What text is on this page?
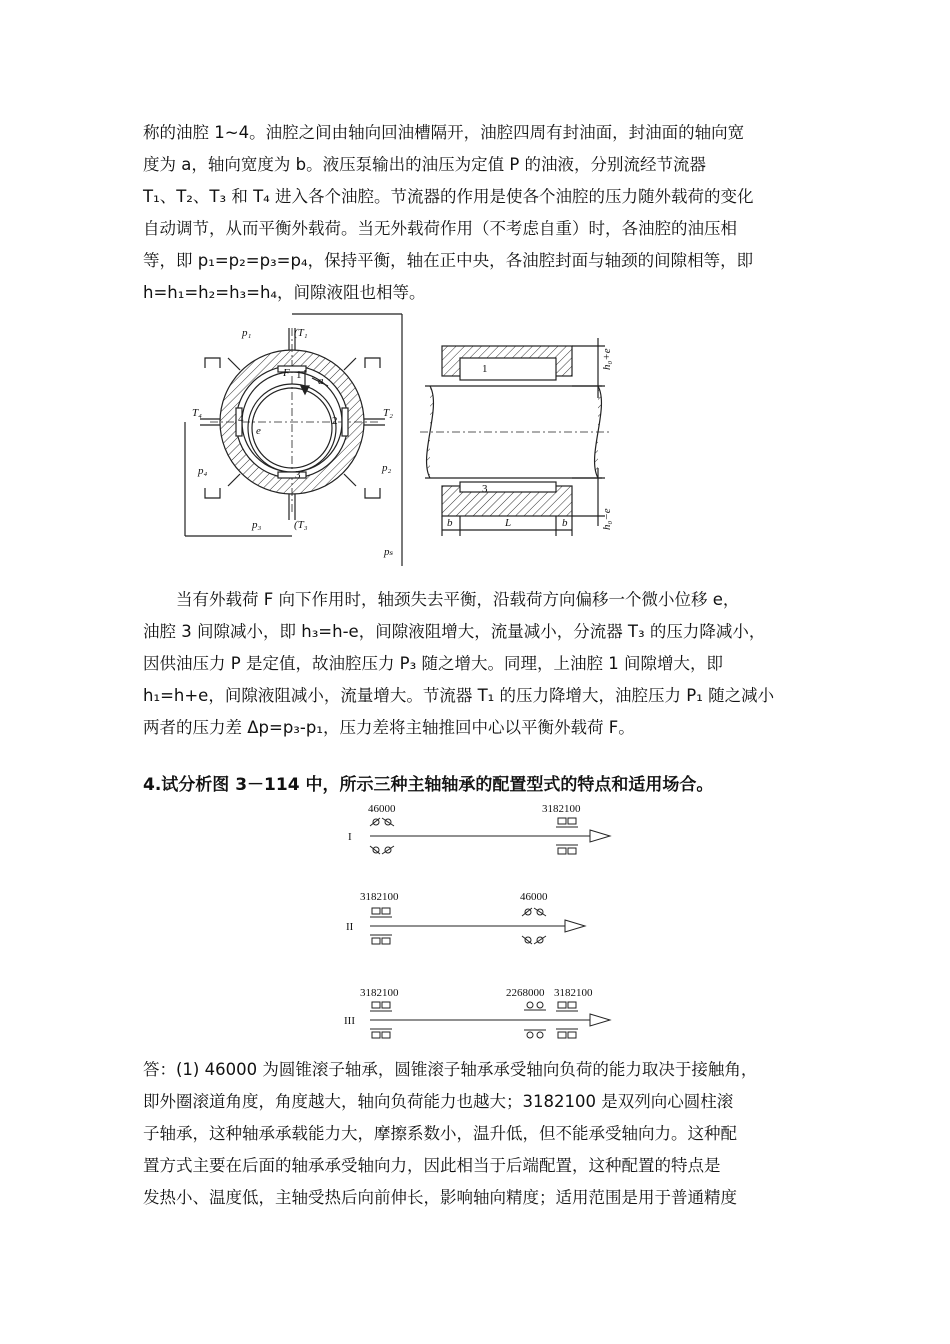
称的油腔 1~4。油腔之间由轴向回油槽隔开，油腔四周有封油面，封油面的轴向宽
度为 a，轴向宽度为 b。液压泵输出的油压为定值 P 的油液，分别流经节流器
T₁、T₂、T₃ 和 T₄ 进入各个油腔。节流器的作用是使各个油腔的压力随外载荷的变化
自动调节，从而平衡外载荷。当无外载荷作用（不考虑自重）时，各油腔的油压相
等，即 p₁=p₂=p₃=p₄，保持平衡，轴在正中央，各油腔封面与轴颈的间隙相等，即
h=h₁=h₂=h₃=h₄，间隙液阻也相等。
p₁	(T₁
T₄	T₂
p₄	p₂
p₃	(T₃
pₛ
F
a
e
1
2
3
4
1
3
b	L	b
h₀+e
h₀−e
　　当有外载荷 F 向下作用时，轴颈失去平衡，沿载荷方向偏移一个微小位移 e，
油腔 3 间隙减小，即 h₃=h-e，间隙液阻增大，流量减小，分流器 T₃ 的压力降减小，
因供油压力 P 是定值，故油腔压力 P₃ 随之增大。同理，上油腔 1 间隙增大，即
h₁=h+e，间隙液阻减小，流量增大。节流器 T₁ 的压力降增大，油腔压力 P₁ 随之减小
两者的压力差 Δp=p₃-p₁，压力差将主轴推回中心以平衡外载荷 F。
4.试分析图 3－114 中，所示三种主轴轴承的配置型式的特点和适用场合。
I
46000	3182100
II
3182100	46000
III
3182100	2268000 3182100
答：(1) 46000 为圆锥滚子轴承，圆锥滚子轴承承受轴向负荷的能力取决于接触角，
即外圈滚道角度，角度越大，轴向负荷能力也越大；3182100 是双列向心圆柱滚
子轴承，这种轴承承载能力大，摩擦系数小，温升低，但不能承受轴向力。这种配
置方式主要在后面的轴承承受轴向力，因此相当于后端配置，这种配置的特点是
发热小、温度低，主轴受热后向前伸长，影响轴向精度；适用范围是用于普通精度
